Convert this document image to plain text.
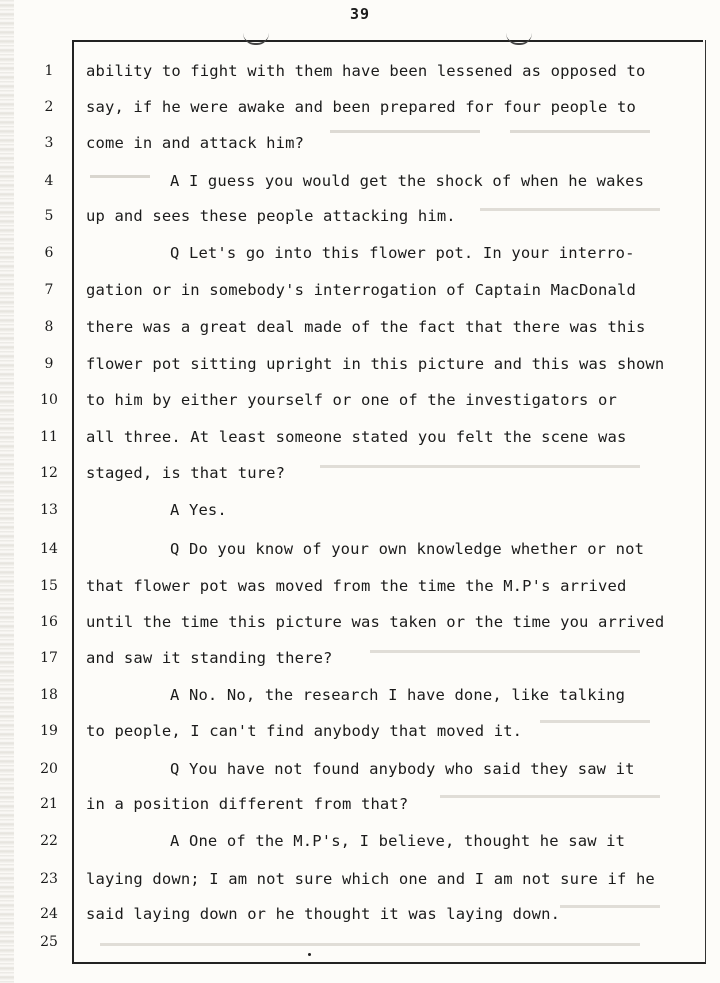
39
1	ability to fight with them have been lessened as opposed to
2	say, if he were awake and been prepared for four people to
3	come in and attack him?
4	A I guess you would get the shock of when he wakes
5	up and sees these people attacking him.
6	Q Let's go into this flower pot. In your interro-
7	gation or in somebody's interrogation of Captain MacDonald
8	there was a great deal made of the fact that there was this
9	flower pot sitting upright in this picture and this was shown
10 to him by either yourself or one of the investigators or
11 all three. At least someone stated you felt the scene was
12 staged, is that ture?
13	A Yes.
14	Q Do you know of your own knowledge whether or not
15 that flower pot was moved from the time the M.P's arrived
16 until the time this picture was taken or the time you arrived
17 and saw it standing there?
18	A No. No, the research I have done, like talking
19 to people, I can't find anybody that moved it.
20	Q You have not found anybody who said they saw it
21 in a position different from that?
22	A One of the M.P's, I believe, thought he saw it
23 laying down; I am not sure which one and I am not sure if he
24 said laying down or he thought it was laying down.
25
